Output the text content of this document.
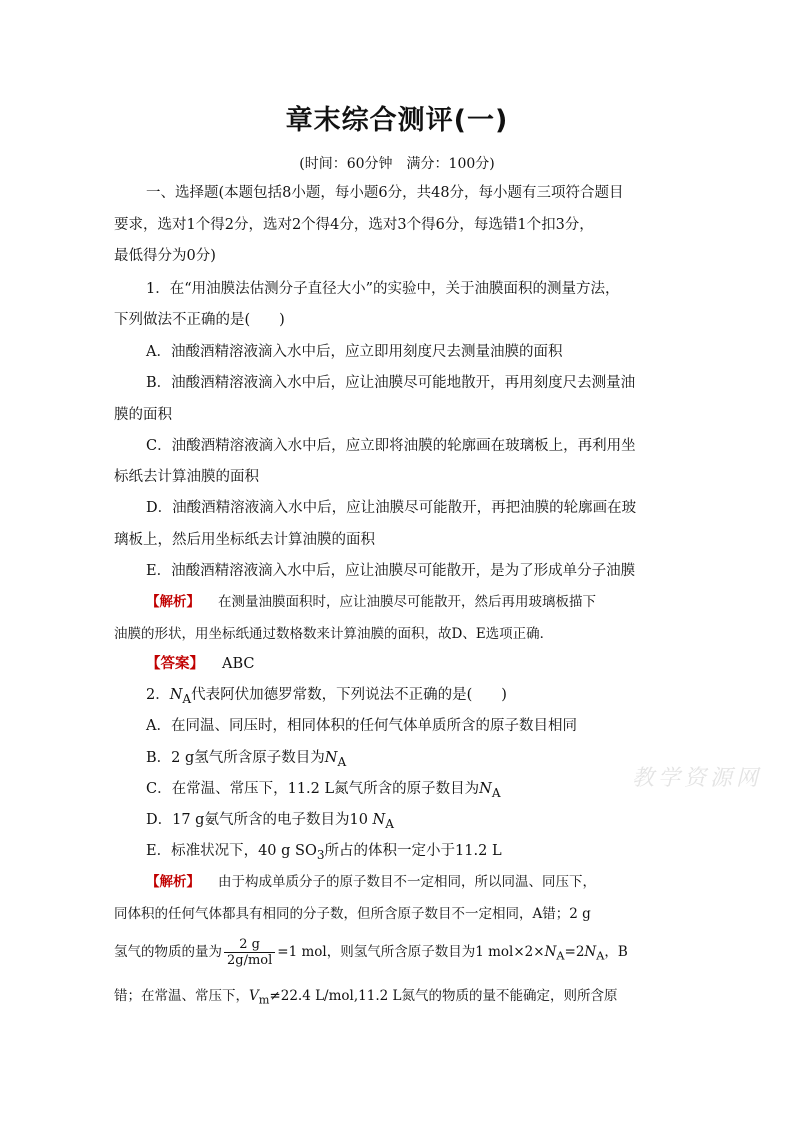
章末综合测评(一)
(时间：60分钟　满分：100分)
一、选择题(本题包括8小题，每小题6分，共48分，每小题有三项符合题目
要求，选对1个得2分，选对2个得4分，选对3个得6分，每选错1个扣3分，
最低得分为0分)
1．在“用油膜法估测分子直径大小”的实验中，关于油膜面积的测量方法，
下列做法不正确的是(　　)
A．油酸酒精溶液滴入水中后，应立即用刻度尺去测量油膜的面积
B．油酸酒精溶液滴入水中后，应让油膜尽可能地散开，再用刻度尺去测量油
膜的面积
C．油酸酒精溶液滴入水中后，应立即将油膜的轮廓画在玻璃板上，再利用坐
标纸去计算油膜的面积
D．油酸酒精溶液滴入水中后，应让油膜尽可能散开，再把油膜的轮廓画在玻
璃板上，然后用坐标纸去计算油膜的面积
E．油酸酒精溶液滴入水中后，应让油膜尽可能散开，是为了形成单分子油膜
【解析】 在测量油膜面积时，应让油膜尽可能散开，然后再用玻璃板描下
油膜的形状，用坐标纸通过数格数来计算油膜的面积，故D、E选项正确．
【答案】 ABC
2．$N_A$代表阿伏加德罗常数，下列说法不正确的是(　　)
A．在同温、同压时，相同体积的任何气体单质所含的原子数目相同
B．2 g氢气所含原子数目为$N_A$
C．在常温、常压下，11.2 L氮气所含的原子数目为$N_A$
D．17 g氨气所含的电子数目为10 $N_A$
E．标准状况下，40 g $SO_3$所占的体积一定小于11.2 L
【解析】 由于构成单质分子的原子数目不一定相同，所以同温、同压下，
同体积的任何气体都具有相同的分子数，但所含原子数目不一定相同，A错；2 g
氢气的物质的量为 $\frac{2 g}{\text{2g/mol}} =1$ mol，则氢气所含原子数目为1 $mol\times 2\times N_A=2N_A$，B
错；在常温、常压下，$V_m\ne 22.4$ L/mol,11.2 L氮气的物质的量不能确定，则所含原
教学资源网
